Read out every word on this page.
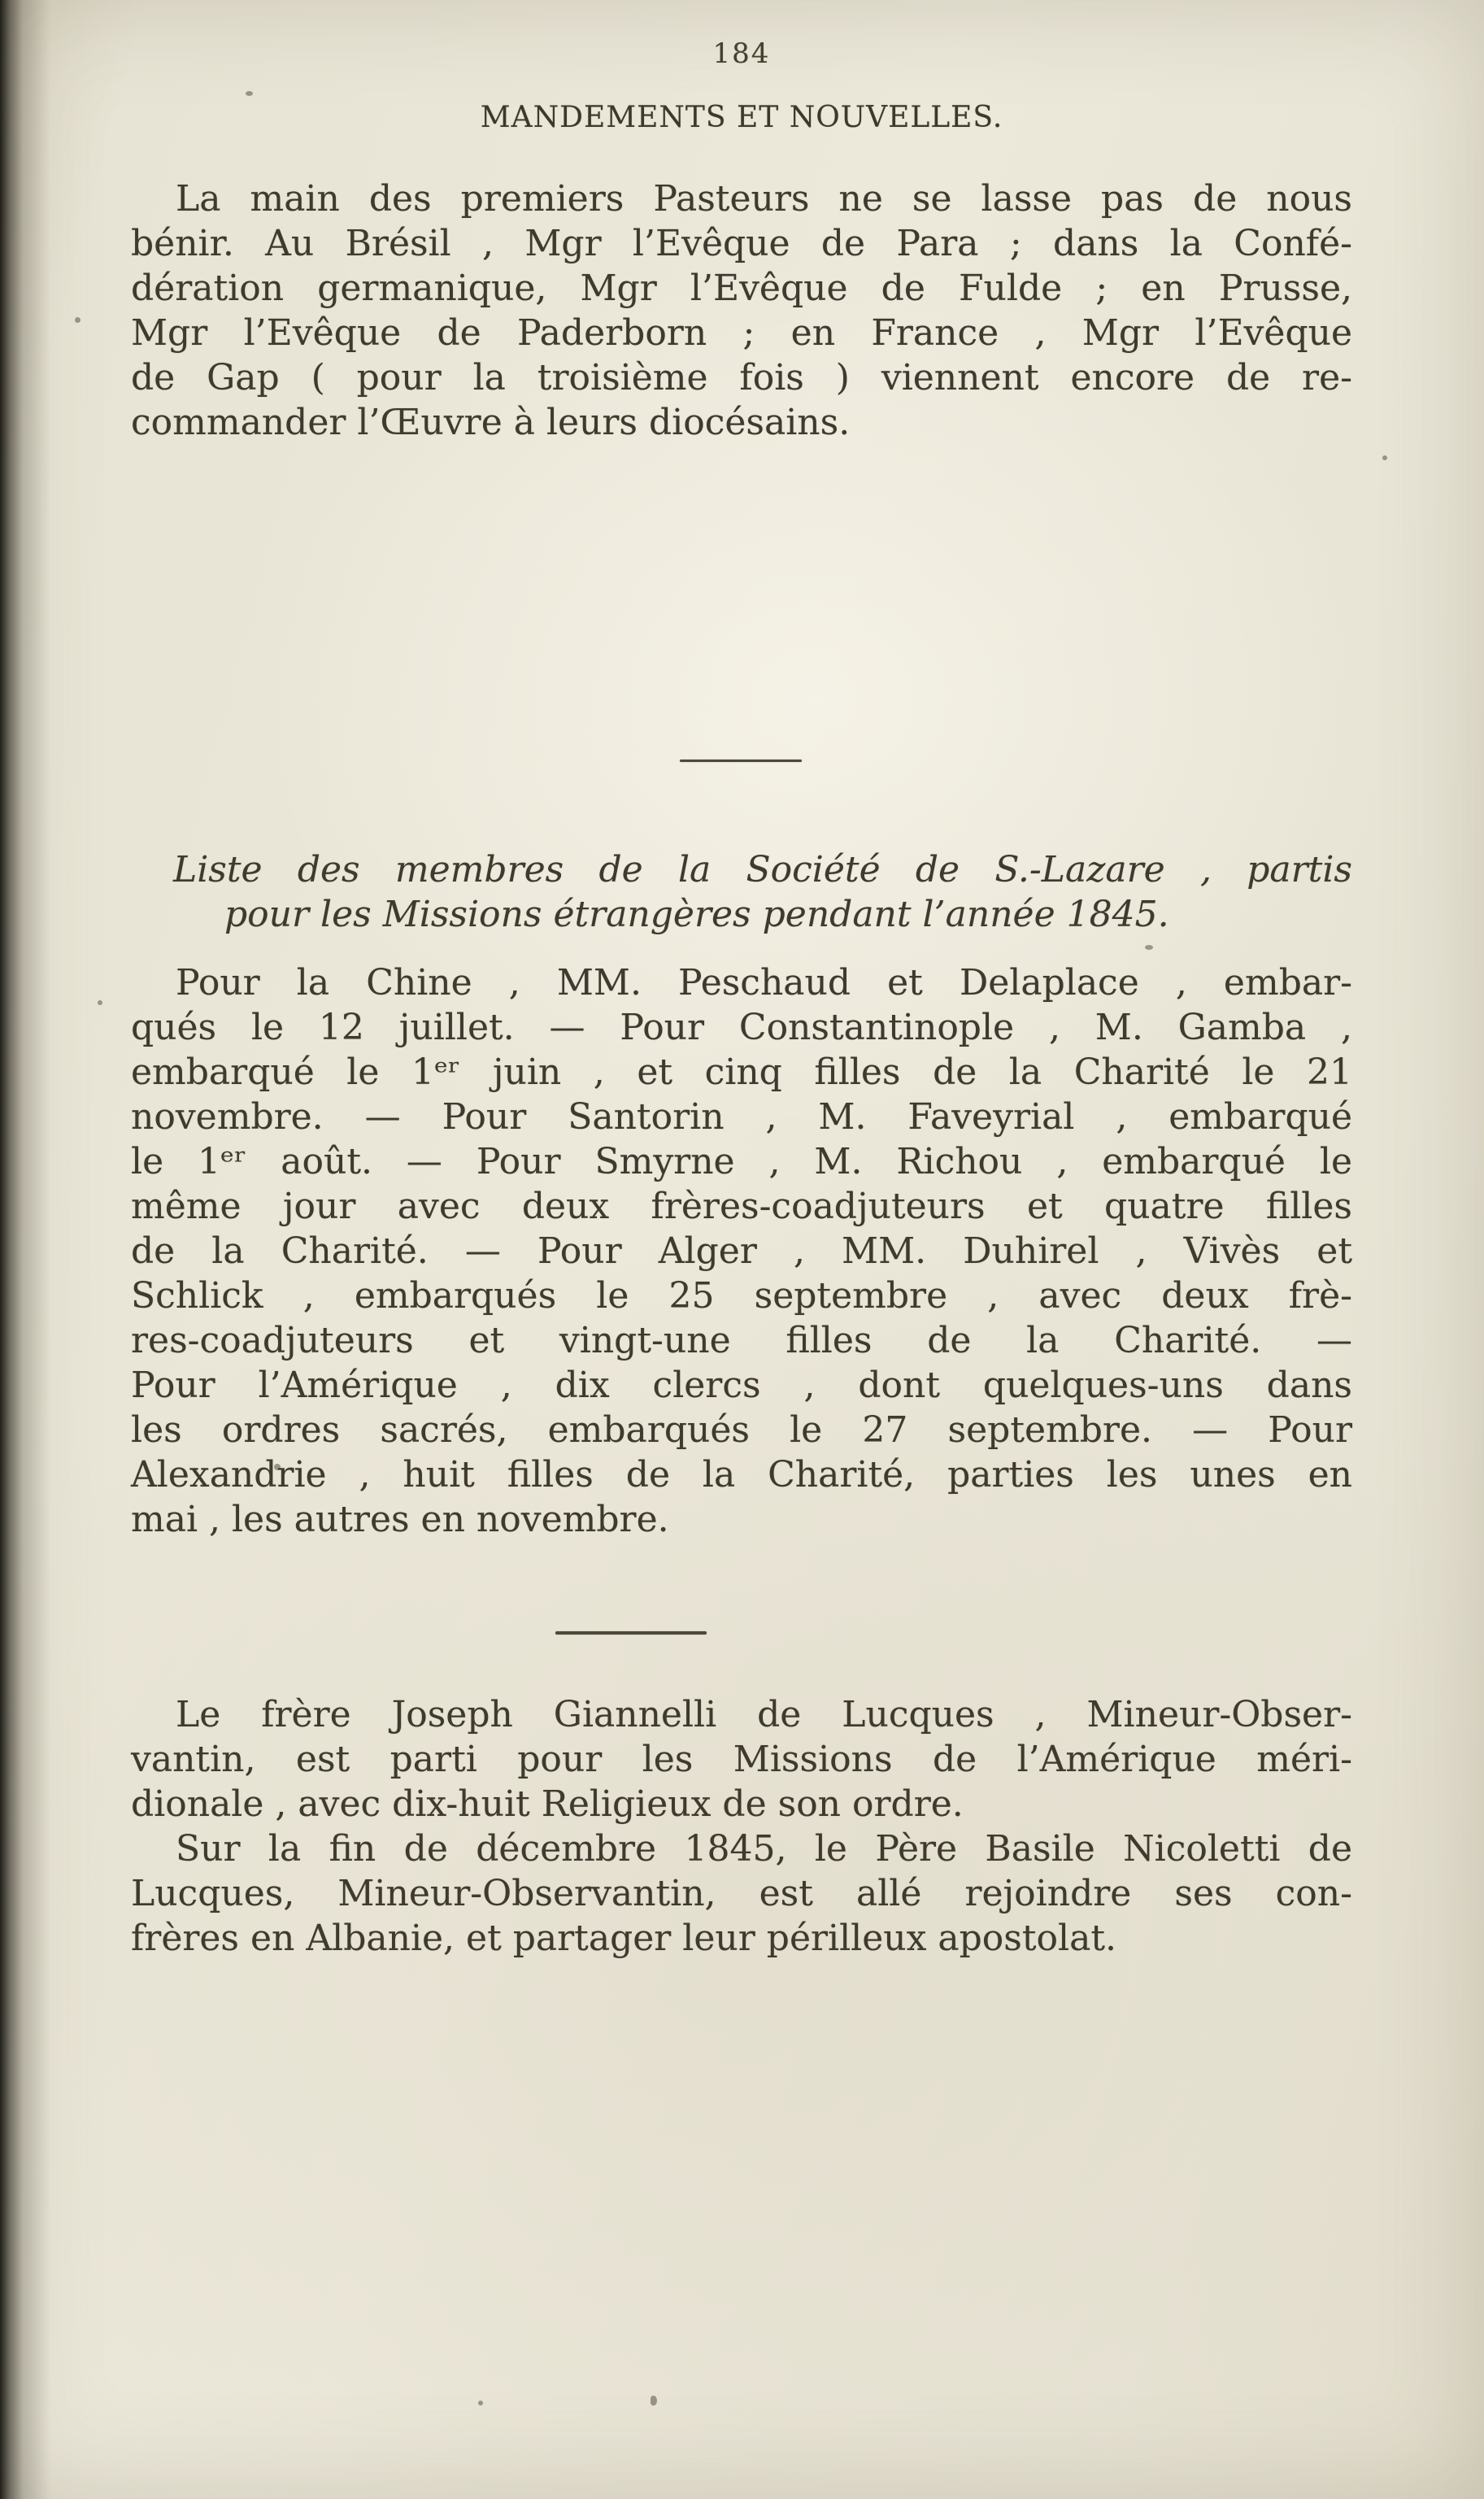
184
MANDEMENTS ET NOUVELLES.
La main des premiers Pasteurs ne se lasse pas de nous
bénir. Au Brésil , Mgr l’Evêque de Para ; dans la Confé-
dération germanique, Mgr l’Evêque de Fulde ; en Prusse,
Mgr l’Evêque de Paderborn ; en France , Mgr l’Evêque
de Gap ( pour la troisième fois ) viennent encore de re-
commander l’Œuvre à leurs diocésains.
Liste des membres de la Société de S.-Lazare , partis
pour les Missions étrangères pendant l’année 1845.
Pour la Chine , MM. Peschaud et Delaplace , embar-
qués le 12 juillet. — Pour Constantinople , M. Gamba ,
embarqué le 1ᵉʳ juin , et cinq filles de la Charité le 21
novembre. — Pour Santorin , M. Faveyrial , embarqué
le 1ᵉʳ août. — Pour Smyrne , M. Richou , embarqué le
même jour avec deux frères-coadjuteurs et quatre filles
de la Charité. — Pour Alger , MM. Duhirel , Vivès et
Schlick , embarqués le 25 septembre , avec deux frè-
res-coadjuteurs et vingt-une filles de la Charité. —
Pour l’Amérique , dix clercs , dont quelques-uns dans
les ordres sacrés, embarqués le 27 septembre. — Pour
Alexandrie , huit filles de la Charité, parties les unes en
mai , les autres en novembre.
Le frère Joseph Giannelli de Lucques , Mineur-Obser-
vantin, est parti pour les Missions de l’Amérique méri-
dionale , avec dix-huit Religieux de son ordre.
Sur la fin de décembre 1845, le Père Basile Nicoletti de
Lucques, Mineur-Observantin, est allé rejoindre ses con-
frères en Albanie, et partager leur périlleux apostolat.
